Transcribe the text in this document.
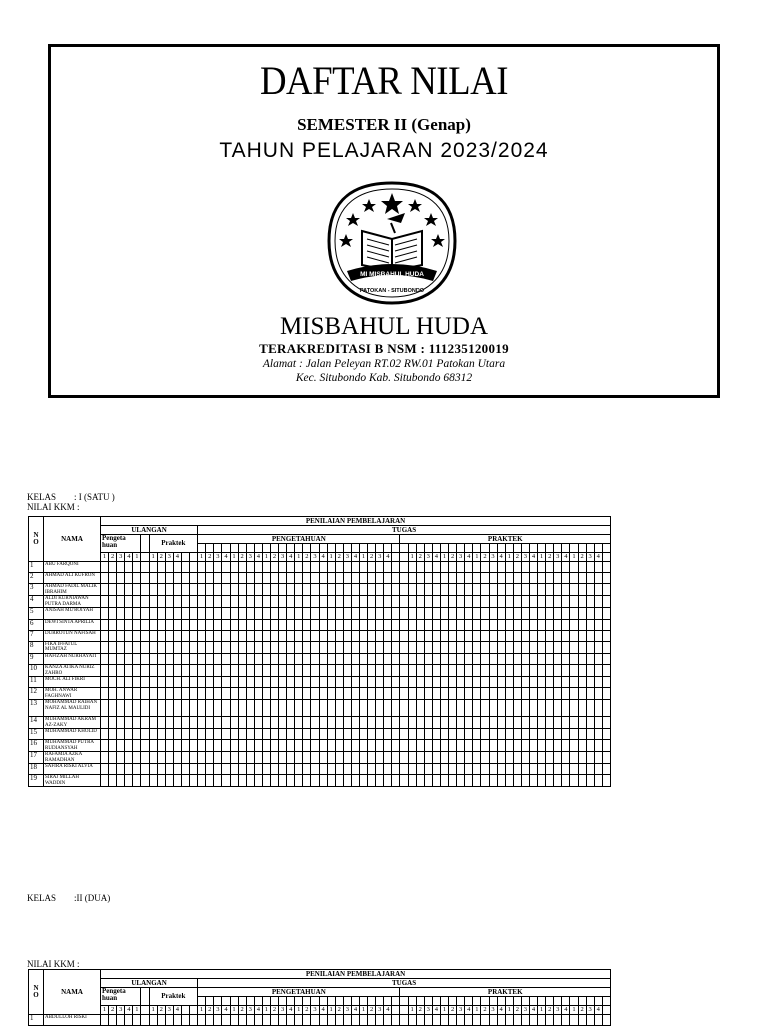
DAFTAR NILAI
SEMESTER II (Genap)
TAHUN PELAJARAN 2023/2024
MI MISBAHUL HUDA
PATOKAN - SITUBONDO
MISBAHUL HUDA
TERAKREDITASI B NSM : 111235120019
Alamat : Jalan Peleyan RT.02 RW.01 Patokan Utara
Kec. Situbondo Kab. Situbondo 68312
KELAS        : I (SATU )
NILAI KKM :
N O	NAMA	PENILAIAN PEMBELAJARAN
ULANGAN	TUGAS
Pengeta huan		Praktek	PENGETAHUAN	PRAKTEK

1	2	3	4	1		1	2	3	4			1	2	3	4	1	2	3	4	1	2	3	4	1	2	3	4	1	2	3	4	1	2	3	4			1	2	3	4	1	2	3	4	1	2	3	4	1	2	3	4	1	2	3	4	1	2	3	4	
1	ABU FARQONI																																																															
2	AHMAD ALI KUFRON																																																															
3	AHMAD FADIL MALIK IBRAHIM																																																															
4	ALDI KURNIAWAN PUTRA DARMA																																																															
5	ANISAH MU'ROIYAH																																																															
6	DEWI SINTA APRILIA																																																															
7	DURROTUN NAFISAH																																																															
8	FIKA IFFATUL MUMTAZ																																																															
9	HAFIZAH NURHAYATI																																																															
10	KANZA ATIKA NURIZ ZAHRO																																																															
11	MOCH. ALI FIKRI																																																															
12	MOH. ANWAR FAGHNAWI																																																															
13	MOHAMMAD RAIHAN NAFIZ AL MAULIDI																																																															
14	MUHAMMAD AKRAM AZ-ZAKY																																																															
15	MUHAMMAD KHOLID																																																															
16	MUHAMMAD PUTRA RUDIANSYAH																																																															
17	RAFAMIA AZKA RAMADHAN																																																															
18	SAFIRA RISKI ALVIA																																																															
19	SIRAJ MILLAH WADDIN																																																															
KELAS        :II (DUA)
NILAI KKM :
N O	NAMA	PENILAIAN PEMBELAJARAN
ULANGAN	TUGAS
Pengeta huan		Praktek	PENGETAHUAN	PRAKTEK

1	2	3	4	1		1	2	3	4			1	2	3	4	1	2	3	4	1	2	3	4	1	2	3	4	1	2	3	4	1	2	3	4			1	2	3	4	1	2	3	4	1	2	3	4	1	2	3	4	1	2	3	4	1	2	3	4	
1	ABDULLOH RISKI																																																															
